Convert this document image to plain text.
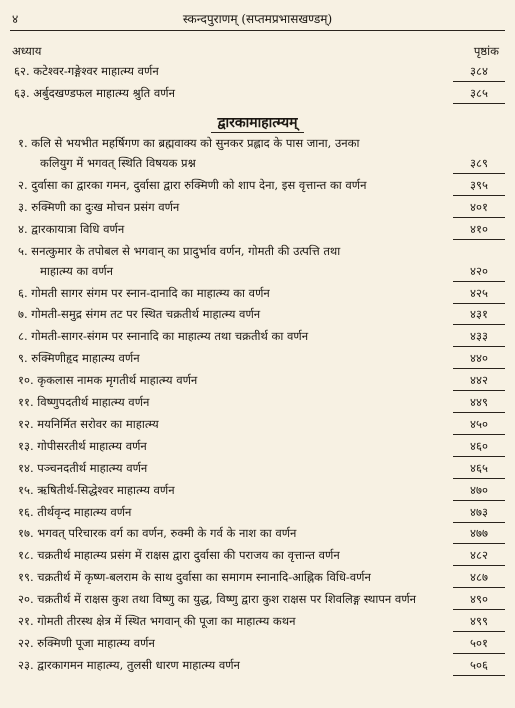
४	स्कन्दपुराणम् (सप्तमप्रभासखण्डम्)
अध्याय	पृष्ठांक
६२. कटेश्वर-गङ्गेश्वर माहात्म्य वर्णन	३८४
६३. अर्बुदखण्डफल माहात्म्य श्रुति वर्णन	३८५
द्वारकामाहात्म्यम्
१. कलि से भयभीत महर्षिगण का ब्रह्मवाक्य को सुनकर प्रह्लाद के पास जाना, उनका
कलियुग में भगवत् स्थिति विषयक प्रश्न	३८९
२. दुर्वासा का द्वारका गमन, दुर्वासा द्वारा रुक्मिणी को शाप देना, इस वृत्तान्त का वर्णन	३९५
३. रुक्मिणी का दुःख मोचन प्रसंग वर्णन	४०१
४. द्वारकायात्रा विधि वर्णन	४१०
५. सनत्कुमार के तपोबल से भगवान् का प्रादुर्भाव वर्णन, गोमती की उत्पत्ति तथा
माहात्म्य का वर्णन	४२०
६. गोमती सागर संगम पर स्नान-दानादि का माहात्म्य का वर्णन	४२५
७. गोमती-समुद्र संगम तट पर स्थित चक्रतीर्थ माहात्म्य वर्णन	४३१
८. गोमती-सागर-संगम पर स्नानादि का माहात्म्य तथा चक्रतीर्थ का वर्णन	४३३
९. रुक्मिणीहृद माहात्म्य वर्णन	४४०
१०. कृकलास नामक मृगतीर्थ माहात्म्य वर्णन	४४२
११. विष्णुपदतीर्थ माहात्म्य वर्णन	४४९
१२. मयनिर्मित सरोवर का माहात्म्य	४५०
१३. गोपीसरतीर्थ माहात्म्य वर्णन	४६०
१४. पञ्चनदतीर्थ माहात्म्य वर्णन	४६५
१५. ऋषितीर्थ-सिद्धेश्वर माहात्म्य वर्णन	४७०
१६. तीर्थवृन्द माहात्म्य वर्णन	४७३
१७. भगवत् परिचारक वर्ग का वर्णन, रुक्मी के गर्व के नाश का वर्णन	४७७
१८. चक्रतीर्थ माहात्म्य प्रसंग में राक्षस द्वारा दुर्वासा की पराजय का वृत्तान्त वर्णन	४८२
१९. चक्रतीर्थ में कृष्ण-बलराम के साथ दुर्वासा का समागम स्नानादि-आह्निक विधि-वर्णन	४८७
२०. चक्रतीर्थ में राक्षस कुश तथा विष्णु का युद्ध, विष्णु द्वारा कुश राक्षस पर शिवलिङ्ग स्थापन वर्णन	४९०
२१. गोमती तीरस्थ क्षेत्र में स्थित भगवान् की पूजा का माहात्म्य कथन	४९९
२२. रुक्मिणी पूजा माहात्म्य वर्णन	५०१
२३. द्वारकागमन माहात्म्य, तुलसी धारण माहात्म्य वर्णन	५०६
